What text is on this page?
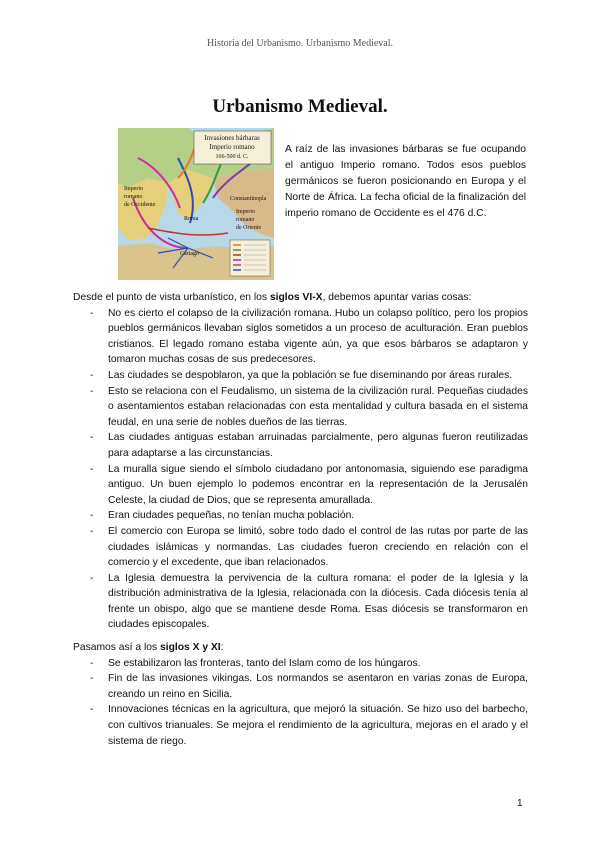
Historia del Urbanismo. Urbanismo Medieval.
Urbanismo Medieval.
Invasiones bárbaras
Imperio romano
166-500 d. C.
Imperio
romano
de Occidente
Imperio
romano
de Oriente
Roma
Cartago
Constantinopla
A raíz de las invasiones bárbaras se fue ocupando el antiguo Imperio romano. Todos esos pueblos germánicos se fueron posicionando en Europa y el Norte de África. La fecha oficial de la finalización del imperio romano de Occidente es el 476 d.C.

Desde el punto de vista urbanístico, en los siglos VI-X, debemos apuntar varias cosas:

- No es cierto el colapso de la civilización romana. Hubo un colapso político, pero los propios pueblos germánicos llevaban siglos sometidos a un proceso de aculturación. Eran pueblos cristianos. El legado romano estaba vigente aún, ya que esos bárbaros se adaptaron y tomaron muchas cosas de sus predecesores.
- Las ciudades se despoblaron, ya que la población se fue diseminando por áreas rurales.
- Esto se relaciona con el Feudalismo, un sistema de la civilización rural. Pequeñas ciudades o asentamientos estaban relacionadas con esta mentalidad y cultura basada en el sistema feudal, en una serie de nobles dueños de las tierras.
- Las ciudades antiguas estaban arruinadas parcialmente, pero algunas fueron reutilizadas para adaptarse a las circunstancias.
- La muralla sigue siendo el símbolo ciudadano por antonomasia, siguiendo ese paradigma antiguo. Un buen ejemplo lo podemos encontrar en la representación de la Jerusalén Celeste, la ciudad de Dios, que se representa amurallada.
- Eran ciudades pequeñas, no tenían mucha población.
- El comercio con Europa se limitó, sobre todo dado el control de las rutas por parte de las ciudades islámicas y normandas. Las ciudades fueron creciendo en relación con el comercio y el excedente, que iban relacionados.
- La Iglesia demuestra la pervivencia de la cultura romana: el poder de la Iglesia y la distribución administrativa de la Iglesia, relacionada con la diócesis. Cada diócesis tenía al frente un obispo, algo que se mantiene desde Roma. Esas diócesis se transformaron en ciudades episcopales.

Pasamos así a los siglos X y XI:

- Se estabilizaron las fronteras, tanto del Islam como de los húngaros.
- Fin de las invasiones vikingas. Los normandos se asentaron en varias zonas de Europa, creando un reino en Sicilia.
- Innovaciones técnicas en la agricultura, que mejoró la situación. Se hizo uso del barbecho, con cultivos trianuales. Se mejora el rendimiento de la agricultura, mejoras en el arado y el sistema de riego.
1
